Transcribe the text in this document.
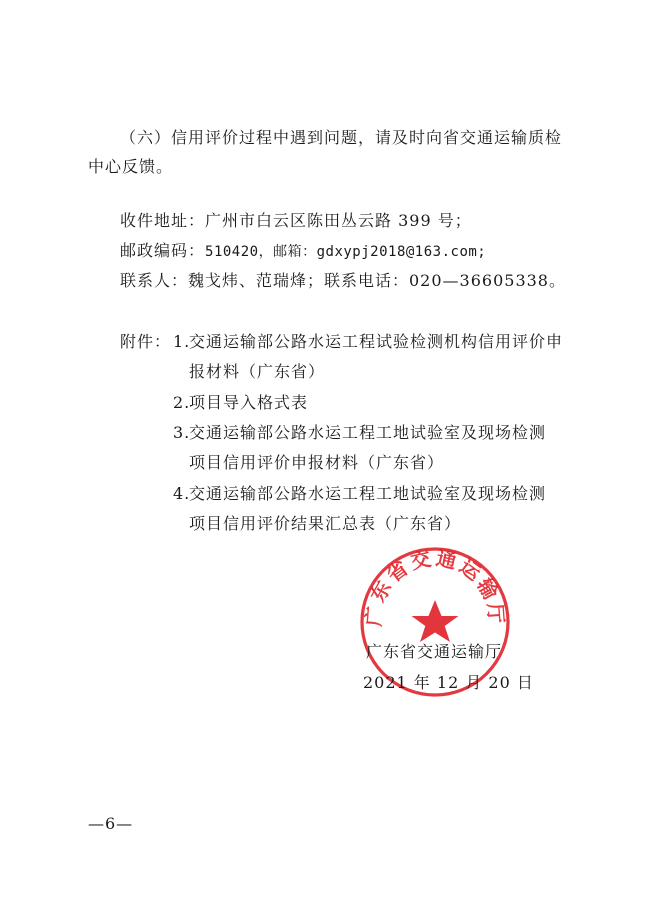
（六）信用评价过程中遇到问题，请及时向省交通运输质检
中心反馈。
收件地址：广州市白云区陈田丛云路 399 号；
邮政编码：510420，邮箱：gdxypj2018@163.com;
联系人：魏戈炜、范瑞烽；联系电话：020—36605338。
附件： 1.
交通运输部公路水运工程试验检测机构信用评价申
报材料（广东省）
2.
项目导入格式表
3.
交通运输部公路水运工程工地试验室及现场检测
项目信用评价申报材料（广东省）
4.
交通运输部公路水运工程工地试验室及现场检测
项目信用评价结果汇总表（广东省）
广东省交通运输厅
广东省交通运输厅
2021 年 12 月 20 日
—6—
